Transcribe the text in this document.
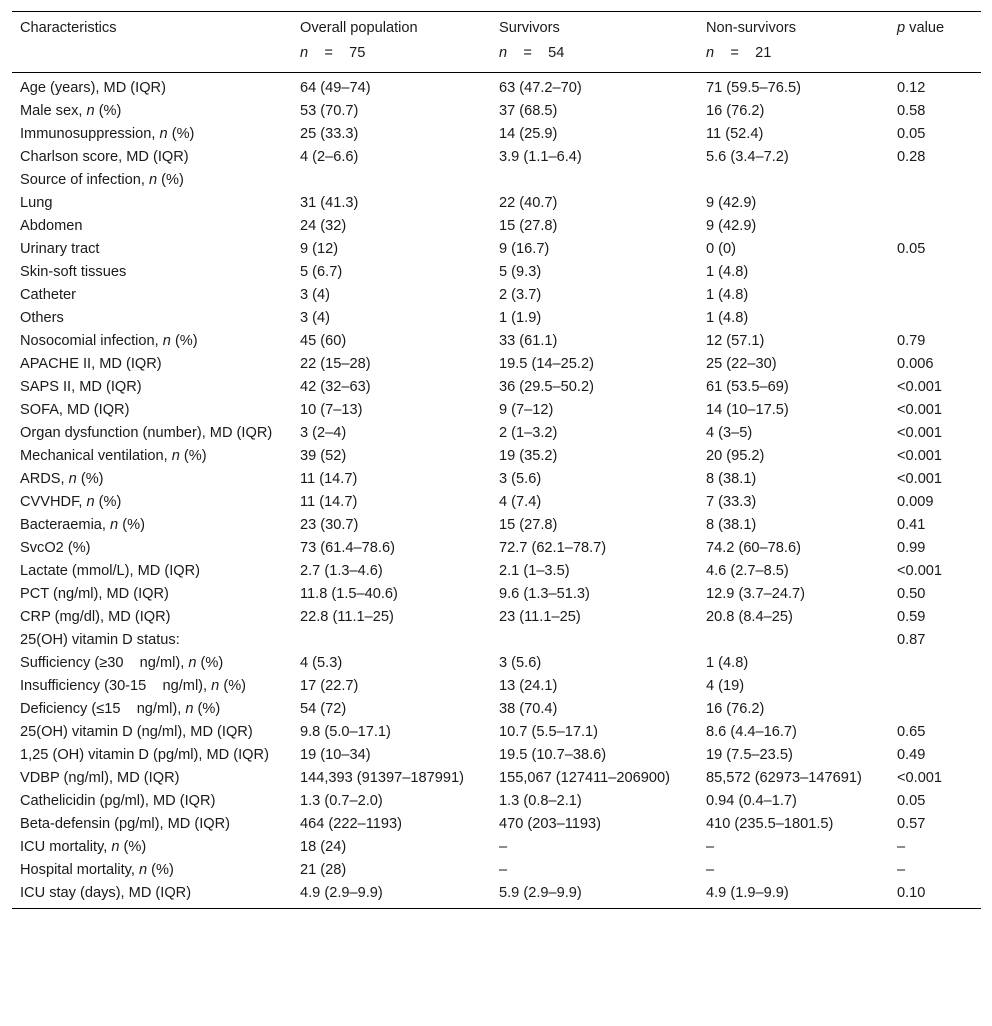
Characteristics	Overall population	Survivors	Non-survivors	p value
	n    =    75	n    =    54	n    =    21	
Age (years), MD (IQR)	64 (49–74)	63 (47.2–70)	71 (59.5–76.5)	0.12
Male sex, n (%)	53 (70.7)	37 (68.5)	16 (76.2)	0.58
Immunosuppression, n (%)	25 (33.3)	14 (25.9)	11 (52.4)	0.05
Charlson score, MD (IQR)	4 (2–6.6)	3.9 (1.1–6.4)	5.6 (3.4–7.2)	0.28
Source of infection, n (%)				
Lung	31 (41.3)	22 (40.7)	9 (42.9)	
Abdomen	24 (32)	15 (27.8)	9 (42.9)	
Urinary tract	9 (12)	9 (16.7)	0 (0)	0.05
Skin-soft tissues	5 (6.7)	5 (9.3)	1 (4.8)	
Catheter	3 (4)	2 (3.7)	1 (4.8)	
Others	3 (4)	1 (1.9)	1 (4.8)	
Nosocomial infection, n (%)	45 (60)	33 (61.1)	12 (57.1)	0.79
APACHE II, MD (IQR)	22 (15–28)	19.5 (14–25.2)	25 (22–30)	0.006
SAPS II, MD (IQR)	42 (32–63)	36 (29.5–50.2)	61 (53.5–69)	<0.001
SOFA, MD (IQR)	10 (7–13)	9 (7–12)	14 (10–17.5)	<0.001
Organ dysfunction (number), MD (IQR)	3 (2–4)	2 (1–3.2)	4 (3–5)	<0.001
Mechanical ventilation, n (%)	39 (52)	19 (35.2)	20 (95.2)	<0.001
ARDS, n (%)	11 (14.7)	3 (5.6)	8 (38.1)	<0.001
CVVHDF, n (%)	11 (14.7)	4 (7.4)	7 (33.3)	0.009
Bacteraemia, n (%)	23 (30.7)	15 (27.8)	8 (38.1)	0.41
SvcO2 (%)	73 (61.4–78.6)	72.7 (62.1–78.7)	74.2 (60–78.6)	0.99
Lactate (mmol/L), MD (IQR)	2.7 (1.3–4.6)	2.1 (1–3.5)	4.6 (2.7–8.5)	<0.001
PCT (ng/ml), MD (IQR)	11.8 (1.5–40.6)	9.6 (1.3–51.3)	12.9 (3.7–24.7)	0.50
CRP (mg/dl), MD (IQR)	22.8 (11.1–25)	23 (11.1–25)	20.8 (8.4–25)	0.59
25(OH) vitamin D status:				0.87
Sufficiency (≥30    ng/ml), n (%)	4 (5.3)	3 (5.6)	1 (4.8)	
Insufficiency (30-15    ng/ml), n (%)	17 (22.7)	13 (24.1)	4 (19)	
Deficiency (≤15    ng/ml), n (%)	54 (72)	38 (70.4)	16 (76.2)	
25(OH) vitamin D (ng/ml), MD (IQR)	9.8 (5.0–17.1)	10.7 (5.5–17.1)	8.6 (4.4–16.7)	0.65
1,25 (OH) vitamin D (pg/ml), MD (IQR)	19 (10–34)	19.5 (10.7–38.6)	19 (7.5–23.5)	0.49
VDBP (ng/ml), MD (IQR)	144,393 (91397–187991)	155,067 (127411–206900)	85,572 (62973–147691)	<0.001
Cathelicidin (pg/ml), MD (IQR)	1.3 (0.7–2.0)	1.3 (0.8–2.1)	0.94 (0.4–1.7)	0.05
Beta-defensin (pg/ml), MD (IQR)	464 (222–1193)	470 (203–1193)	410 (235.5–1801.5)	0.57
ICU mortality, n (%)	18 (24)	–	–	–
Hospital mortality, n (%)	21 (28)	–	–	–
ICU stay (days), MD (IQR)	4.9 (2.9–9.9)	5.9 (2.9–9.9)	4.9 (1.9–9.9)	0.10
